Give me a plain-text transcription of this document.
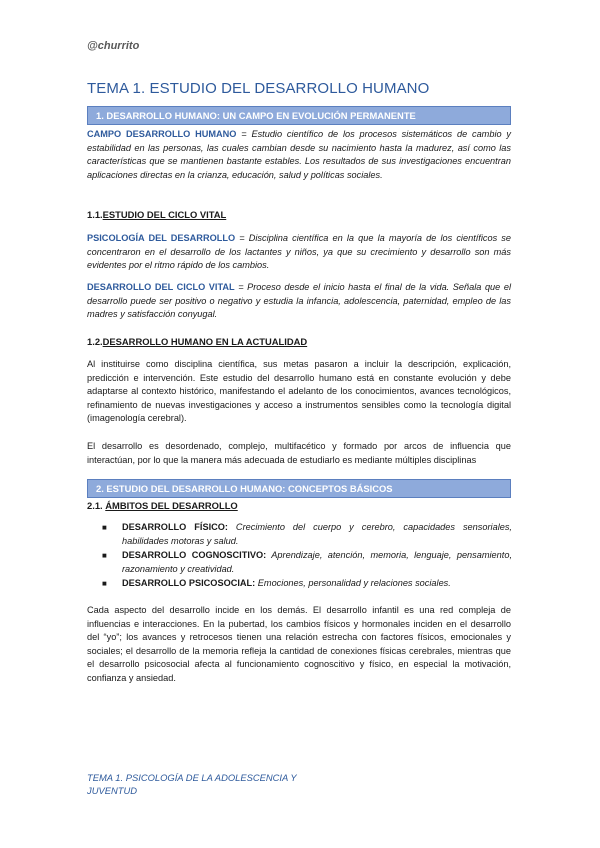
@churrito
TEMA 1. ESTUDIO DEL DESARROLLO HUMANO
1. DESARROLLO HUMANO: UN CAMPO EN EVOLUCIÓN PERMANENTE
CAMPO DESARROLLO HUMANO = Estudio científico de los procesos sistemáticos de cambio y estabilidad en las personas, las cuales cambian desde su nacimiento hasta la madurez, así como las características que se mantienen bastante estables. Los resultados de sus investigaciones encuentran aplicaciones directas en la crianza, educación, salud y políticas sociales.
1.1.ESTUDIO DEL CICLO VITAL
PSICOLOGÍA DEL DESARROLLO = Disciplina científica en la que la mayoría de los científicos se concentraron en el desarrollo de los lactantes y niños, ya que su crecimiento y desarrollo son más evidentes por el ritmo rápido de los cambios.
DESARROLLO DEL CICLO VITAL = Proceso desde el inicio hasta el final de la vida. Señala que el desarrollo puede ser positivo o negativo y estudia la infancia, adolescencia, paternidad, empleo de las madres y satisfacción conyugal.
1.2.DESARROLLO HUMANO EN LA ACTUALIDAD
Al instituirse como disciplina científica, sus metas pasaron a incluir la descripción, explicación, predicción e intervención. Este estudio del desarrollo humano está en constante evolución y debe adaptarse al contexto histórico, manifestando el adelanto de los conocimientos, avances tecnológicos, refinamiento de nuevas investigaciones y acceso a instrumentos sensibles como la tecnología digital (imagenología cerebral).
El desarrollo es desordenado, complejo, multifacético y formado por arcos de influencia que interactúan, por lo que la manera más adecuada de estudiarlo es mediante múltiples disciplinas
2. ESTUDIO DEL DESARROLLO HUMANO: CONCEPTOS BÁSICOS
2.1. ÁMBITOS DEL DESARROLLO
■ DESARROLLO FÍSICO: Crecimiento del cuerpo y cerebro, capacidades sensoriales, habilidades motoras y salud.
■ DESARROLLO COGNOSCITIVO: Aprendizaje, atención, memoria, lenguaje, pensamiento, razonamiento y creatividad.
■ DESARROLLO PSICOSOCIAL: Emociones, personalidad y relaciones sociales.
Cada aspecto del desarrollo incide en los demás. El desarrollo infantil es una red compleja de influencias e interacciones. En la pubertad, los cambios físicos y hormonales inciden en el desarrollo del “yo”; los avances y retrocesos tienen una relación estrecha con factores físicos, emocionales y sociales; el desarrollo de la memoria refleja la cantidad de conexiones físicas cerebrales, mientras que el desarrollo psicosocial afecta al funcionamiento cognoscitivo y físico, en especial la motivación, confianza y ansiedad.
TEMA 1. PSICOLOGÍA DE LA ADOLESCENCIA Y JUVENTUD
